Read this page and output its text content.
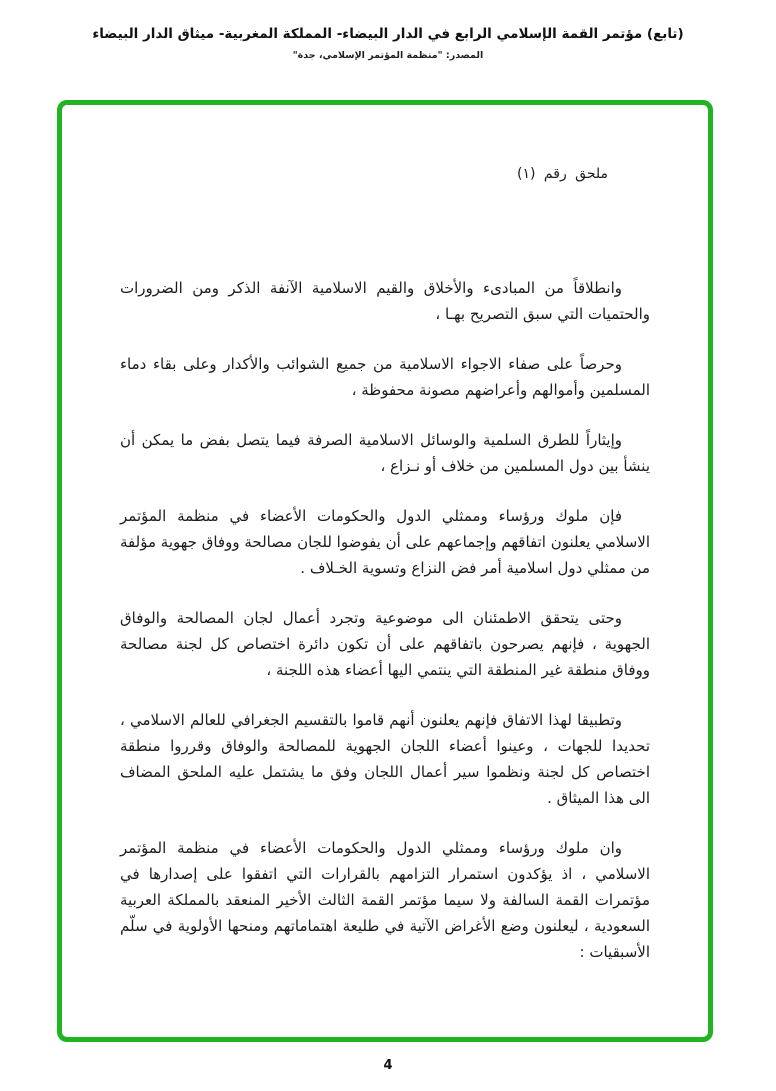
(تابع) مؤتمر القمة الإسلامي الرابع في الدار البيضاء- المملكة المغربية- ميثاق الدار البيضاء
المصدر: "منظمة المؤتمر الإسلامي، جدة"
ملحق رقم (١)

وانطلاقاً من المبادىء والأخلاق والقيم الاسلامية الآنفة الذكر ومن الضرورات والحتميات التي سبق التصريح بهـا ،

وحرصاً على صفاء الاجواء الاسلامية من جميع الشوائب والأكدار وعلى بقاء دماء المسلمين وأموالهم وأعراضهم مصونة محفوظة ،

وإيثاراً للطرق السلمية والوسائل الاسلامية الصرفة فيما يتصل بفض ما يمكن أن ينشأ بين دول المسلمين من خلاف أو نـزاع ،

فإن ملوك ورؤساء وممثلي الدول والحكومات الأعضاء في منظمة المؤتمر الاسلامي يعلنون اتفاقهم وإجماعهم على أن يفوضوا للجان مصالحة ووفاق جهوية مؤلفة من ممثلي دول اسلامية أمر فض النزاع وتسوية الخـلاف .

وحتى يتحقق الاطمئنان الى موضوعية وتجرد أعمال لجان المصالحة والوفاق الجهوية ، فإنهم يصرحون باتفاقهم على أن تكون دائرة اختصاص كل لجنة مصالحة ووفاق منطقة غير المنطقة التي ينتمي اليها أعضاء هذه اللجنة ،

وتطبيقا لهذا الاتفاق فإنهم يعلنون أنهم قاموا بالتقسيم الجغرافي للعالم الاسلامي ، تحديدا للجهات ، وعينوا أعضاء اللجان الجهوية للمصالحة والوفاق وقرروا منطقة اختصاص كل لجنة ونظموا سير أعمال اللجان وفق ما يشتمل عليه الملحق المضاف الى هذا الميثاق .

وان ملوك ورؤساء وممثلي الدول والحكومات الأعضاء في منظمة المؤتمر الاسلامي ، اذ يؤكدون استمرار التزامهم بالقرارات التي اتفقوا على إصدارها في مؤتمرات القمة السالفة ولا سيما مؤتمر القمة الثالث الأخير المنعقد بالمملكة العربية السعودية ، ليعلنون وضع الأغراض الآتية في طليعة اهتماماتهم ومنحها الأولوية في سلّم الأسبقيات :

4
